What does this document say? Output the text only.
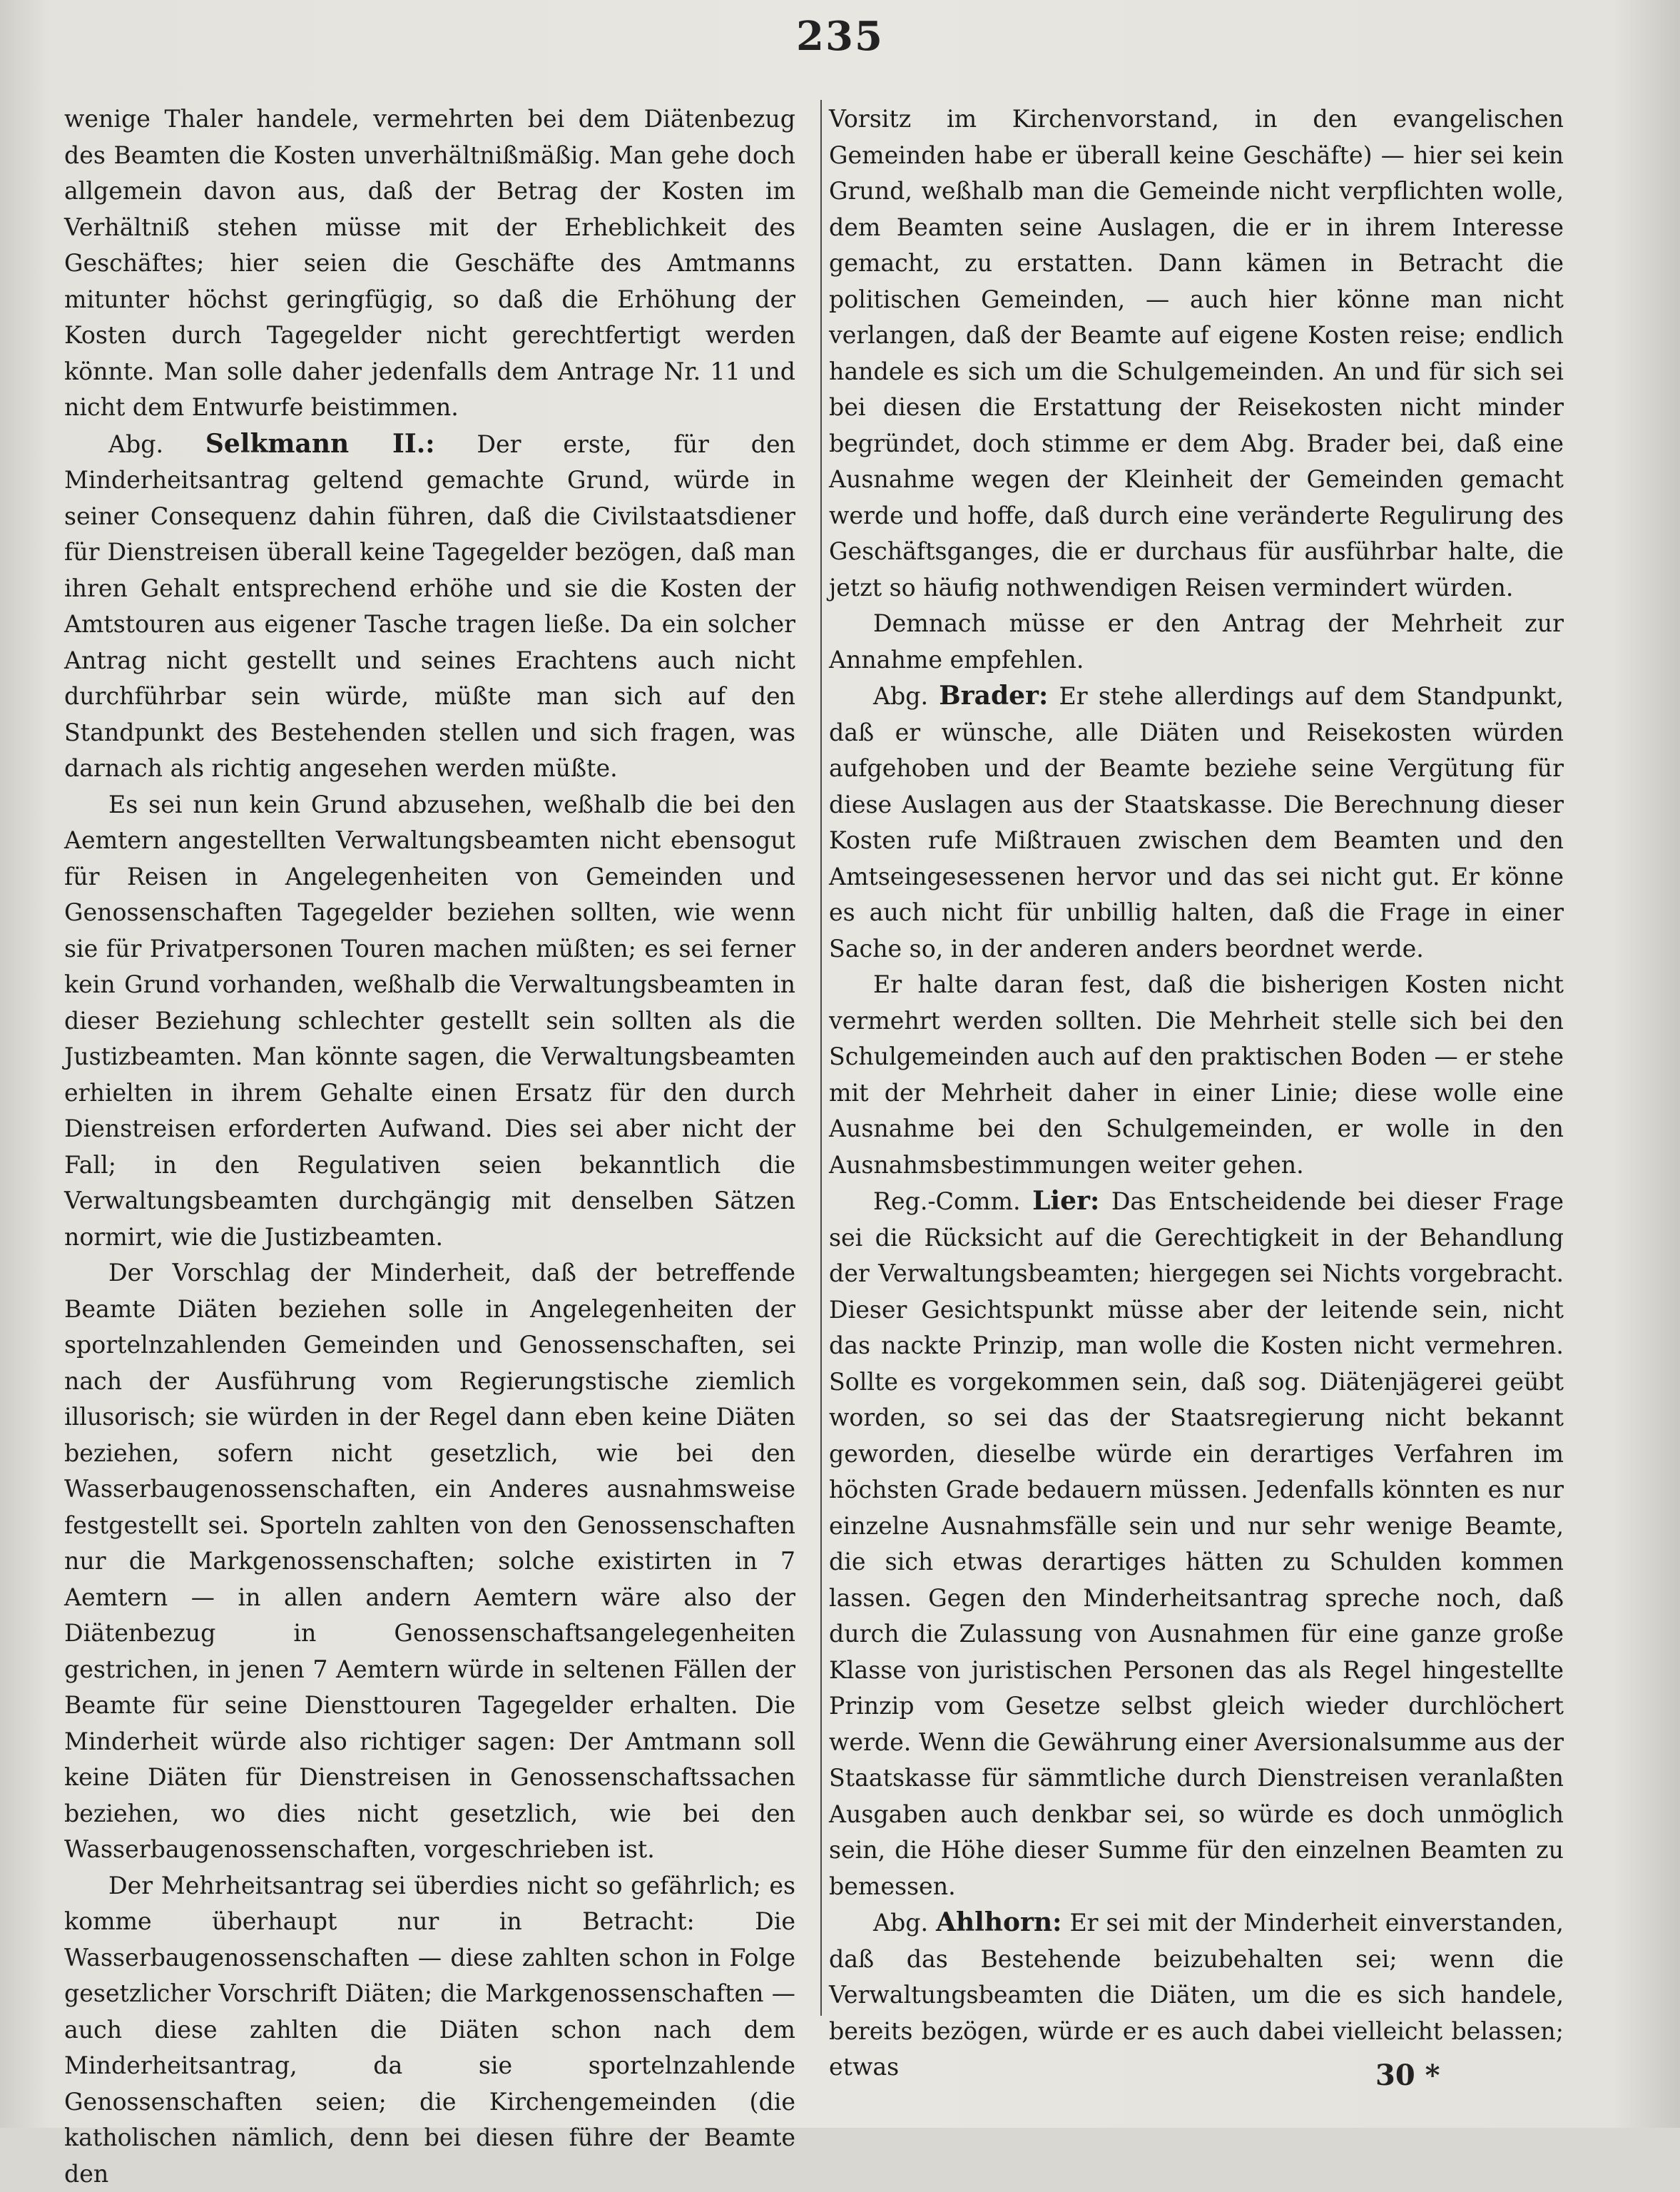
235

wenige Thaler handele, vermehrten bei dem Diätenbezug des Beamten die Kosten unverhältnißmäßig. Man gehe doch allgemein davon aus, daß der Betrag der Kosten im Verhältniß stehen müsse mit der Erheblichkeit des Geschäftes; hier seien die Geschäfte des Amtmanns mitunter höchst geringfügig, so daß die Erhöhung der Kosten durch Tagegelder nicht gerechtfertigt werden könnte. Man solle daher jedenfalls dem Antrage Nr. 11 und nicht dem Entwurfe beistimmen.

Abg. Selkmann II.: Der erste, für den Minderheitsantrag geltend gemachte Grund, würde in seiner Consequenz dahin führen, daß die Civilstaatsdiener für Dienstreisen überall keine Tagegelder bezögen, daß man ihren Gehalt entsprechend erhöhe und sie die Kosten der Amtstouren aus eigener Tasche tragen ließe. Da ein solcher Antrag nicht gestellt und seines Erachtens auch nicht durchführbar sein würde, müßte man sich auf den Standpunkt des Bestehenden stellen und sich fragen, was darnach als richtig angesehen werden müßte.

Es sei nun kein Grund abzusehen, weßhalb die bei den Aemtern angestellten Verwaltungsbeamten nicht ebensogut für Reisen in Angelegenheiten von Gemeinden und Genossenschaften Tagegelder beziehen sollten, wie wenn sie für Privatpersonen Touren machen müßten; es sei ferner kein Grund vorhanden, weßhalb die Verwaltungsbeamten in dieser Beziehung schlechter gestellt sein sollten als die Justizbeamten. Man könnte sagen, die Verwaltungsbeamten erhielten in ihrem Gehalte einen Ersatz für den durch Dienstreisen erforderten Aufwand. Dies sei aber nicht der Fall; in den Regulativen seien bekanntlich die Verwaltungsbeamten durchgängig mit denselben Sätzen normirt, wie die Justizbeamten.

Der Vorschlag der Minderheit, daß der betreffende Beamte Diäten beziehen solle in Angelegenheiten der sportelnzahlenden Gemeinden und Genossenschaften, sei nach der Ausführung vom Regierungstische ziemlich illusorisch; sie würden in der Regel dann eben keine Diäten beziehen, sofern nicht gesetzlich, wie bei den Wasserbaugenossenschaften, ein Anderes ausnahmsweise festgestellt sei. Sporteln zahlten von den Genossenschaften nur die Markgenossenschaften; solche existirten in 7 Aemtern — in allen andern Aemtern wäre also der Diätenbezug in Genossenschaftsangelegenheiten gestrichen, in jenen 7 Aemtern würde in seltenen Fällen der Beamte für seine Diensttouren Tagegelder erhalten. Die Minderheit würde also richtiger sagen: Der Amtmann soll keine Diäten für Dienstreisen in Genossenschaftssachen beziehen, wo dies nicht gesetzlich, wie bei den Wasserbaugenossenschaften, vorgeschrieben ist.

Der Mehrheitsantrag sei überdies nicht so gefährlich; es komme überhaupt nur in Betracht: Die Wasserbaugenossenschaften — diese zahlten schon in Folge gesetzlicher Vorschrift Diäten; die Markgenossenschaften — auch diese zahlten die Diäten schon nach dem Minderheitsantrag, da sie sportelnzahlende Genossenschaften seien; die Kirchengemeinden (die katholischen nämlich, denn bei diesen führe der Beamte den

Vorsitz im Kirchenvorstand, in den evangelischen Gemeinden habe er überall keine Geschäfte) — hier sei kein Grund, weßhalb man die Gemeinde nicht verpflichten wolle, dem Beamten seine Auslagen, die er in ihrem Interesse gemacht, zu erstatten. Dann kämen in Betracht die politischen Gemeinden, — auch hier könne man nicht verlangen, daß der Beamte auf eigene Kosten reise; endlich handele es sich um die Schulgemeinden. An und für sich sei bei diesen die Erstattung der Reisekosten nicht minder begründet, doch stimme er dem Abg. Brader bei, daß eine Ausnahme wegen der Kleinheit der Gemeinden gemacht werde und hoffe, daß durch eine veränderte Regulirung des Geschäftsganges, die er durchaus für ausführbar halte, die jetzt so häufig nothwendigen Reisen vermindert würden.

Demnach müsse er den Antrag der Mehrheit zur Annahme empfehlen.

Abg. Brader: Er stehe allerdings auf dem Standpunkt, daß er wünsche, alle Diäten und Reisekosten würden aufgehoben und der Beamte beziehe seine Vergütung für diese Auslagen aus der Staatskasse. Die Berechnung dieser Kosten rufe Mißtrauen zwischen dem Beamten und den Amtseingesessenen hervor und das sei nicht gut. Er könne es auch nicht für unbillig halten, daß die Frage in einer Sache so, in der anderen anders beordnet werde.

Er halte daran fest, daß die bisherigen Kosten nicht vermehrt werden sollten. Die Mehrheit stelle sich bei den Schulgemeinden auch auf den praktischen Boden — er stehe mit der Mehrheit daher in einer Linie; diese wolle eine Ausnahme bei den Schulgemeinden, er wolle in den Ausnahmsbestimmungen weiter gehen.

Reg.-Comm. Lier: Das Entscheidende bei dieser Frage sei die Rücksicht auf die Gerechtigkeit in der Behandlung der Verwaltungsbeamten; hiergegen sei Nichts vorgebracht. Dieser Gesichtspunkt müsse aber der leitende sein, nicht das nackte Prinzip, man wolle die Kosten nicht vermehren. Sollte es vorgekommen sein, daß sog. Diätenjägerei geübt worden, so sei das der Staatsregierung nicht bekannt geworden, dieselbe würde ein derartiges Verfahren im höchsten Grade bedauern müssen. Jedenfalls könnten es nur einzelne Ausnahmsfälle sein und nur sehr wenige Beamte, die sich etwas derartiges hätten zu Schulden kommen lassen. Gegen den Minderheitsantrag spreche noch, daß durch die Zulassung von Ausnahmen für eine ganze große Klasse von juristischen Personen das als Regel hingestellte Prinzip vom Gesetze selbst gleich wieder durchlöchert werde. Wenn die Gewährung einer Aversionalsumme aus der Staatskasse für sämmtliche durch Dienstreisen veranlaßten Ausgaben auch denkbar sei, so würde es doch unmöglich sein, die Höhe dieser Summe für den einzelnen Beamten zu bemessen.

Abg. Ahlhorn: Er sei mit der Minderheit einverstanden, daß das Bestehende beizubehalten sei; wenn die Verwaltungsbeamten die Diäten, um die es sich handele, bereits bezögen, würde er es auch dabei vielleicht belassen; etwas	30 *
